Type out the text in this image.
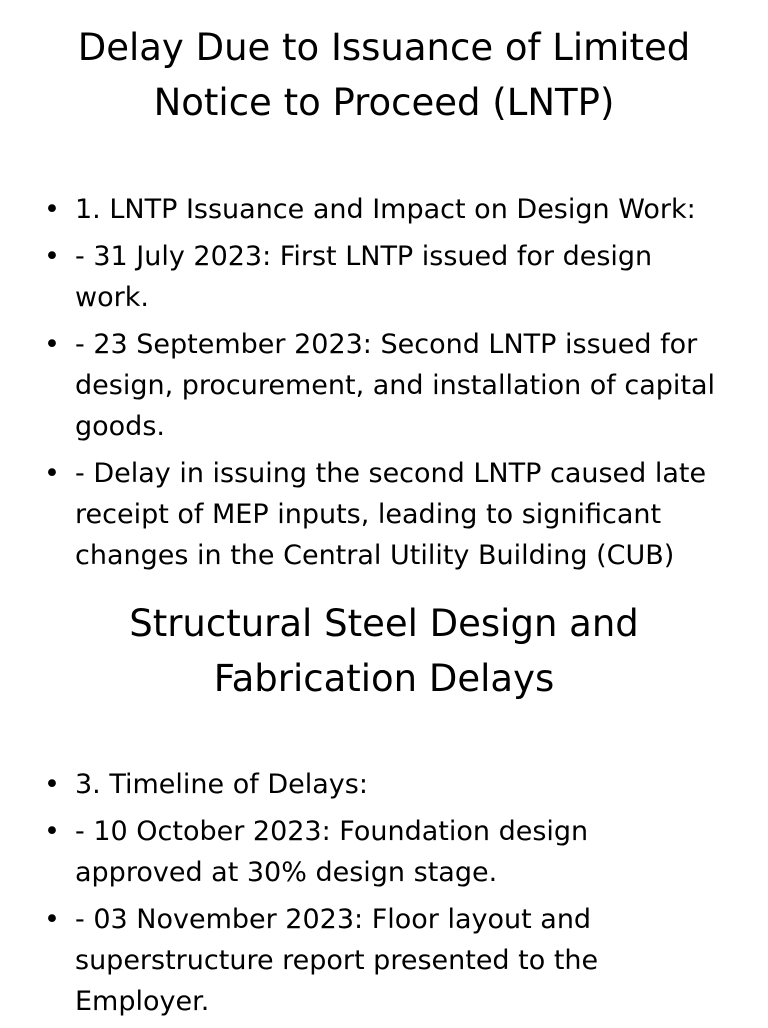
Delay Due to Issuance of Limited
Notice to Proceed (LNTP)
• 1. LNTP Issuance and Impact on Design Work:
• - 31 July 2023: First LNTP issued for design work.
• - 23 September 2023: Second LNTP issued for design, procurement, and installation of capital goods.
• - Delay in issuing the second LNTP caused late receipt of MEP inputs, leading to significant changes in the Central Utility Building (CUB)
Structural Steel Design and
Fabrication Delays
• 3. Timeline of Delays:
• - 10 October 2023: Foundation design approved at 30% design stage.
• - 03 November 2023: Floor layout and superstructure report presented to the Employer.
